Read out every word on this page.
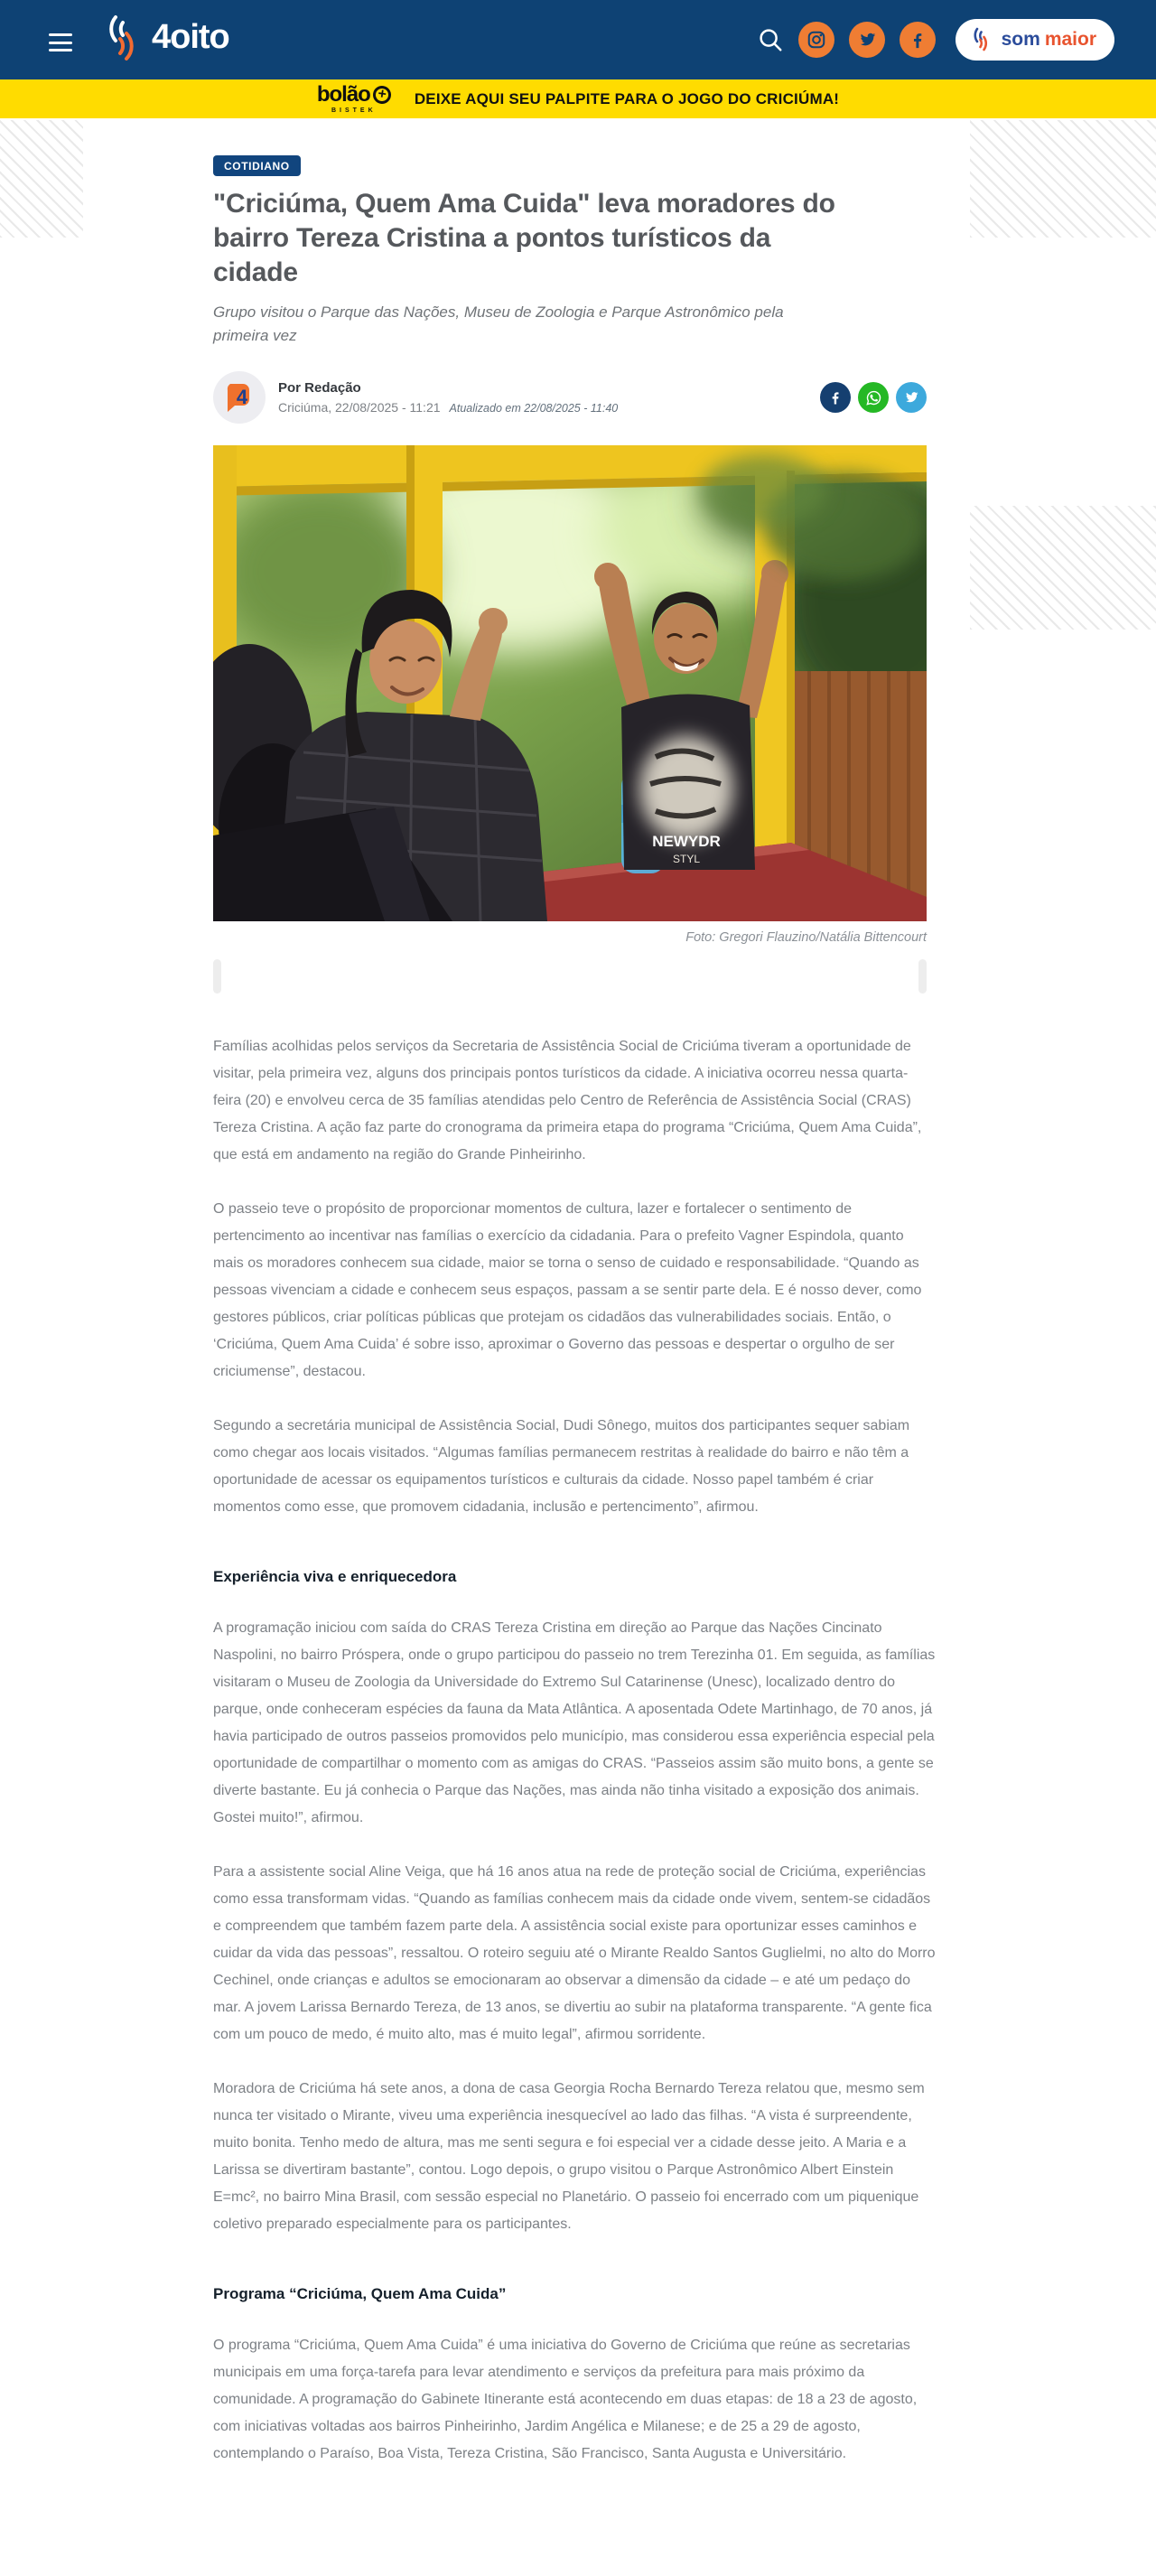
4oito	som maior
bolão +
BISTEK
DEIXE AQUI SEU PALPITE PARA O JOGO DO CRICIÚMA!
COTIDIANO
"Criciúma, Quem Ama Cuida" leva moradores do bairro Tereza Cristina a pontos turísticos da cidade

Grupo visitou o Parque das Nações, Museu de Zoologia e Parque Astronômico pela primeira vez

4 Por Redação
Criciúma, 22/08/2025 - 11:21 Atualizado em 22/08/2025 - 11:40
NEWYDR
STYL
Foto: Gregori Flauzino/Natália Bittencourt

Famílias acolhidas pelos serviços da Secretaria de Assistência Social de Criciúma tiveram a oportunidade de visitar, pela primeira vez, alguns dos principais pontos turísticos da cidade. A iniciativa ocorreu nessa quarta-feira (20) e envolveu cerca de 35 famílias atendidas pelo Centro de Referência de Assistência Social (CRAS) Tereza Cristina. A ação faz parte do cronograma da primeira etapa do programa “Criciúma, Quem Ama Cuida”, que está em andamento na região do Grande Pinheirinho.

O passeio teve o propósito de proporcionar momentos de cultura, lazer e fortalecer o sentimento de pertencimento ao incentivar nas famílias o exercício da cidadania. Para o prefeito Vagner Espindola, quanto mais os moradores conhecem sua cidade, maior se torna o senso de cuidado e responsabilidade. “Quando as pessoas vivenciam a cidade e conhecem seus espaços, passam a se sentir parte dela. E é nosso dever, como gestores públicos, criar políticas públicas que protejam os cidadãos das vulnerabilidades sociais. Então, o ‘Criciúma, Quem Ama Cuida’ é sobre isso, aproximar o Governo das pessoas e despertar o orgulho de ser criciumense”, destacou.

Segundo a secretária municipal de Assistência Social, Dudi Sônego, muitos dos participantes sequer sabiam como chegar aos locais visitados. “Algumas famílias permanecem restritas à realidade do bairro e não têm a oportunidade de acessar os equipamentos turísticos e culturais da cidade. Nosso papel também é criar momentos como esse, que promovem cidadania, inclusão e pertencimento”, afirmou.

Experiência viva e enriquecedora

A programação iniciou com saída do CRAS Tereza Cristina em direção ao Parque das Nações Cincinato Naspolini, no bairro Próspera, onde o grupo participou do passeio no trem Terezinha 01. Em seguida, as famílias visitaram o Museu de Zoologia da Universidade do Extremo Sul Catarinense (Unesc), localizado dentro do parque, onde conheceram espécies da fauna da Mata Atlântica. A aposentada Odete Martinhago, de 70 anos, já havia participado de outros passeios promovidos pelo município, mas considerou essa experiência especial pela oportunidade de compartilhar o momento com as amigas do CRAS. “Passeios assim são muito bons, a gente se diverte bastante. Eu já conhecia o Parque das Nações, mas ainda não tinha visitado a exposição dos animais. Gostei muito!”, afirmou.

Para a assistente social Aline Veiga, que há 16 anos atua na rede de proteção social de Criciúma, experiências como essa transformam vidas. “Quando as famílias conhecem mais da cidade onde vivem, sentem-se cidadãos e compreendem que também fazem parte dela. A assistência social existe para oportunizar esses caminhos e cuidar da vida das pessoas”, ressaltou. O roteiro seguiu até o Mirante Realdo Santos Guglielmi, no alto do Morro Cechinel, onde crianças e adultos se emocionaram ao observar a dimensão da cidade – e até um pedaço do mar. A jovem Larissa Bernardo Tereza, de 13 anos, se divertiu ao subir na plataforma transparente. “A gente fica com um pouco de medo, é muito alto, mas é muito legal”, afirmou sorridente.

Moradora de Criciúma há sete anos, a dona de casa Georgia Rocha Bernardo Tereza relatou que, mesmo sem nunca ter visitado o Mirante, viveu uma experiência inesquecível ao lado das filhas. “A vista é surpreendente, muito bonita. Tenho medo de altura, mas me senti segura e foi especial ver a cidade desse jeito. A Maria e a Larissa se divertiram bastante”, contou. Logo depois, o grupo visitou o Parque Astronômico Albert Einstein E=mc², no bairro Mina Brasil, com sessão especial no Planetário. O passeio foi encerrado com um piquenique coletivo preparado especialmente para os participantes.

Programa “Criciúma, Quem Ama Cuida”

O programa “Criciúma, Quem Ama Cuida” é uma iniciativa do Governo de Criciúma que reúne as secretarias municipais em uma força-tarefa para levar atendimento e serviços da prefeitura para mais próximo da comunidade. A programação do Gabinete Itinerante está acontecendo em duas etapas: de 18 a 23 de agosto, com iniciativas voltadas aos bairros Pinheirinho, Jardim Angélica e Milanese; e de 25 a 29 de agosto, contemplando o Paraíso, Boa Vista, Tereza Cristina, São Francisco, Santa Augusta e Universitário.
